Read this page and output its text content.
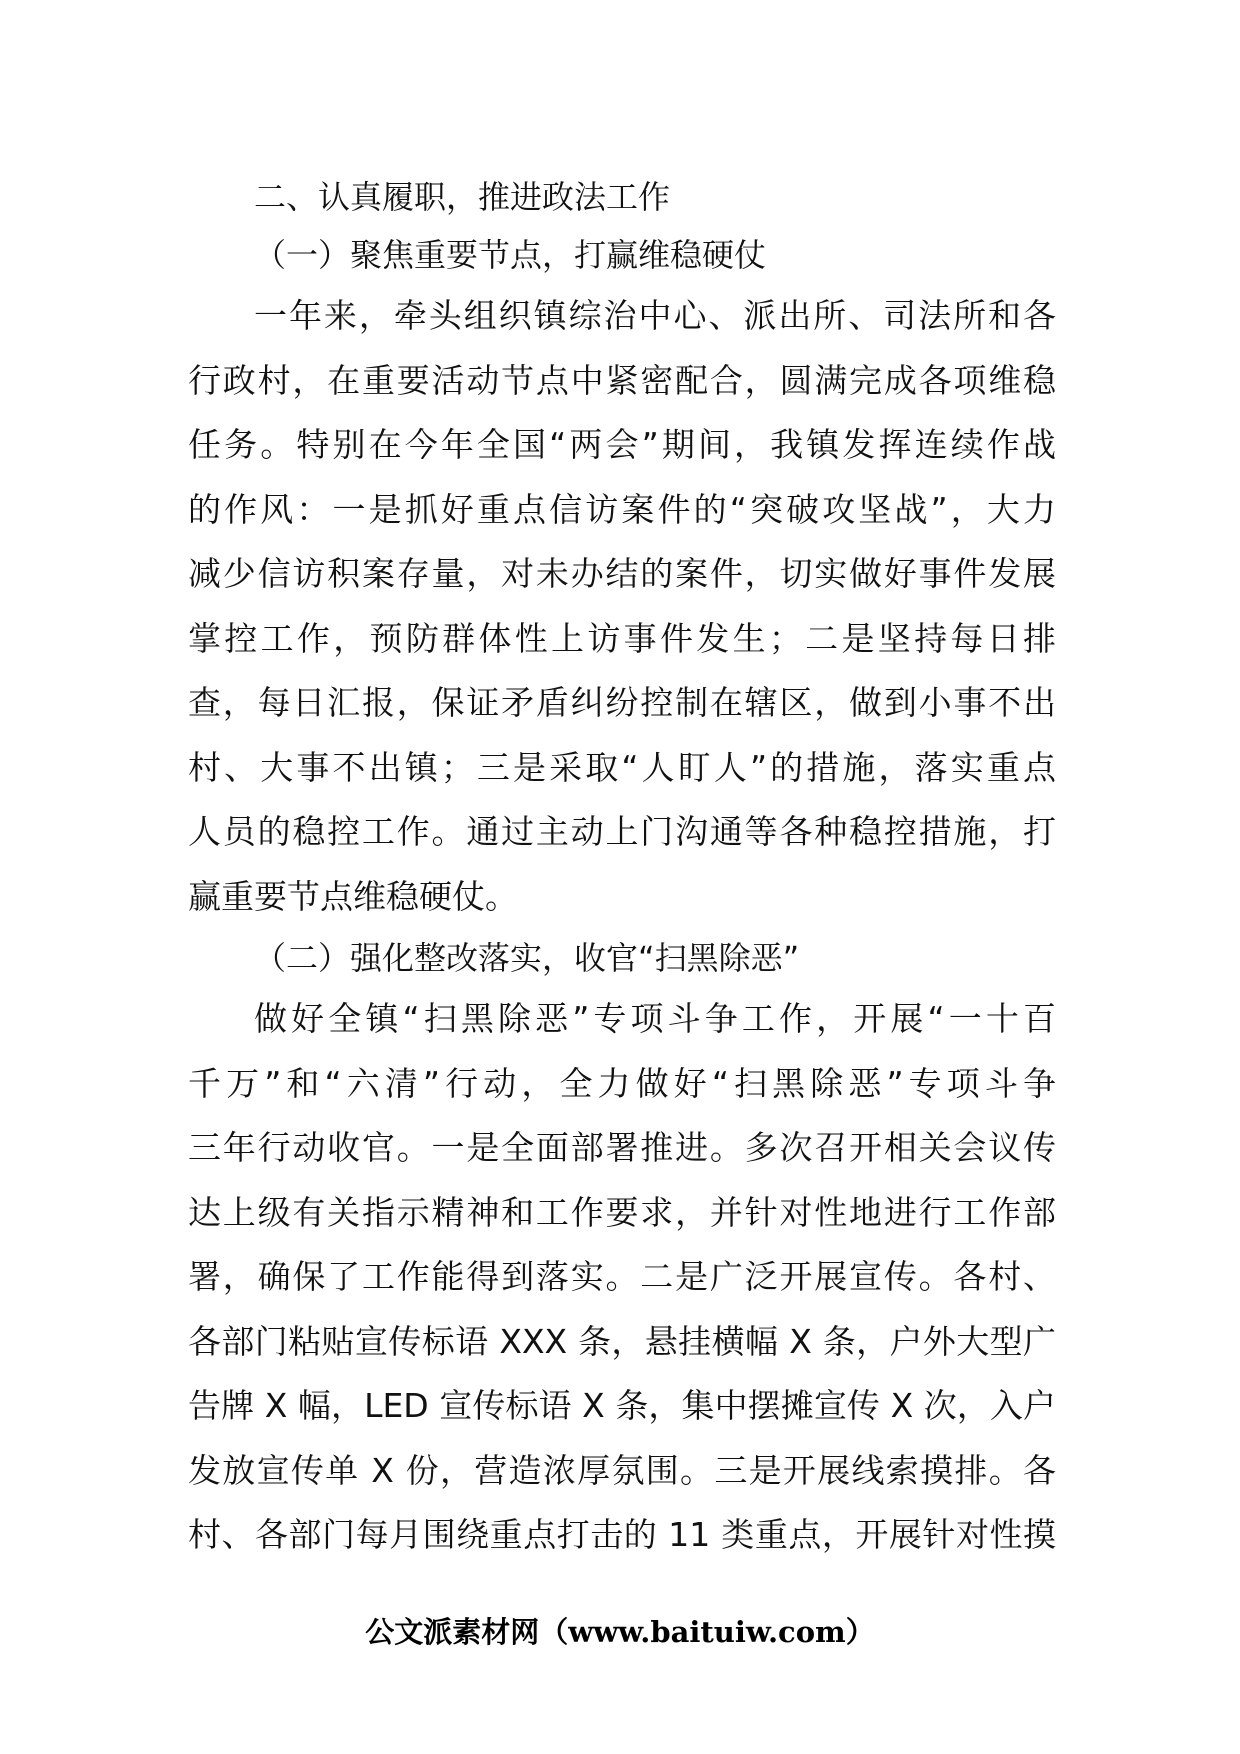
二、认真履职，推进政法工作
（一）聚焦重要节点，打赢维稳硬仗
一年来，牵头组织镇综治中心、派出所、司法所和各
行政村，在重要活动节点中紧密配合，圆满完成各项维稳
任务。特别在今年全国“两会”期间，我镇发挥连续作战
的作风：一是抓好重点信访案件的“突破攻坚战”，大力
减少信访积案存量，对未办结的案件，切实做好事件发展
掌控工作，预防群体性上访事件发生；二是坚持每日排
查，每日汇报，保证矛盾纠纷控制在辖区，做到小事不出
村、大事不出镇；三是采取“人盯人”的措施，落实重点
人员的稳控工作。通过主动上门沟通等各种稳控措施，打
赢重要节点维稳硬仗。
（二）强化整改落实，收官“扫黑除恶”
做好全镇“扫黑除恶”专项斗争工作，开展“一十百
千万”和“六清”行动，全力做好“扫黑除恶”专项斗争
三年行动收官。一是全面部署推进。多次召开相关会议传
达上级有关指示精神和工作要求，并针对性地进行工作部
署，确保了工作能得到落实。二是广泛开展宣传。各村、
各部门粘贴宣传标语 XXX 条，悬挂横幅 X 条，户外大型广
告牌 X 幅，LED 宣传标语 X 条，集中摆摊宣传 X 次，入户
发放宣传单 X 份，营造浓厚氛围。三是开展线索摸排。各
村、各部门每月围绕重点打击的 11 类重点，开展针对性摸
公文派素材网（www.baituiw.com）
